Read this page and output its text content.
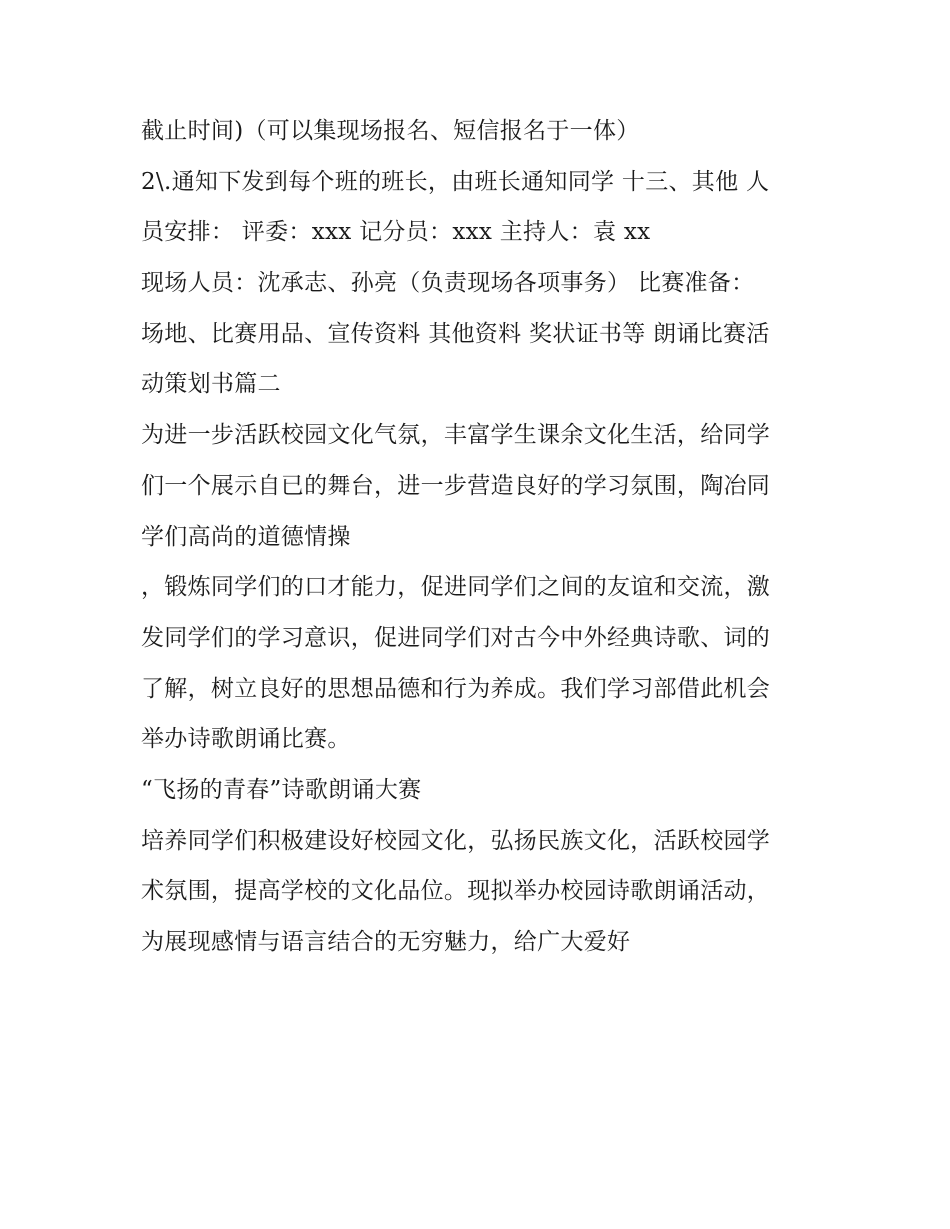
截止时间)（可以集现场报名、短信报名于一体）
2\.通知下发到每个班的班长，由班长通知同学 十三、其他 人
员安排： 评委：xxx 记分员：xxx 主持人：袁 xx
现场人员：沈承志、孙亮（负责现场各项事务） 比赛准备：
场地、比赛用品、宣传资料 其他资料 奖状证书等 朗诵比赛活
动策划书篇二
为进一步活跃校园文化气氛，丰富学生课余文化生活，给同学
们一个展示自已的舞台，进一步营造良好的学习氛围，陶冶同
学们高尚的道德情操
，锻炼同学们的口才能力，促进同学们之间的友谊和交流，激
发同学们的学习意识，促进同学们对古今中外经典诗歌、词的
了解，树立良好的思想品德和行为养成。我们学习部借此机会
举办诗歌朗诵比赛。
“飞扬的青春”诗歌朗诵大赛
培养同学们积极建设好校园文化，弘扬民族文化，活跃校园学
术氛围，提高学校的文化品位。现拟举办校园诗歌朗诵活动，
为展现感情与语言结合的无穷魅力，给广大爱好
